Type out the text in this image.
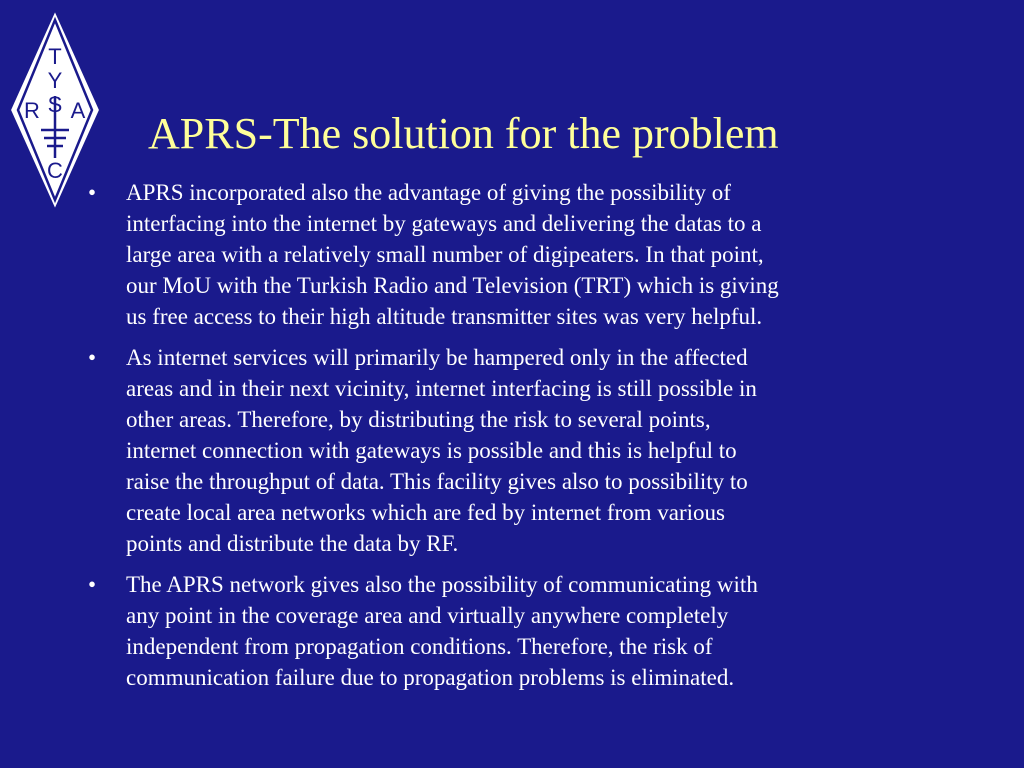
T
Y
S
R A
C
APRS-The solution for the problem
• APRS incorporated also the advantage of giving the possibility of
interfacing into the internet by gateways and delivering the datas to a
large area with a relatively small number of digipeaters. In that point,
our MoU with the Turkish Radio and Television (TRT) which is giving
us free access to their high altitude transmitter sites was very helpful.
• As internet services will primarily be hampered only in the affected
areas and in their next vicinity, internet interfacing is still possible in
other areas. Therefore, by distributing the risk to several points,
internet connection with gateways is possible and this is helpful to
raise the throughput of data. This facility gives also to possibility to
create local area networks which are fed by internet from various
points and distribute the data by RF.
• The APRS network gives also the possibility of communicating with
any point in the coverage area and virtually anywhere completely
independent from propagation conditions. Therefore, the risk of
communication failure due to propagation problems is eliminated.
